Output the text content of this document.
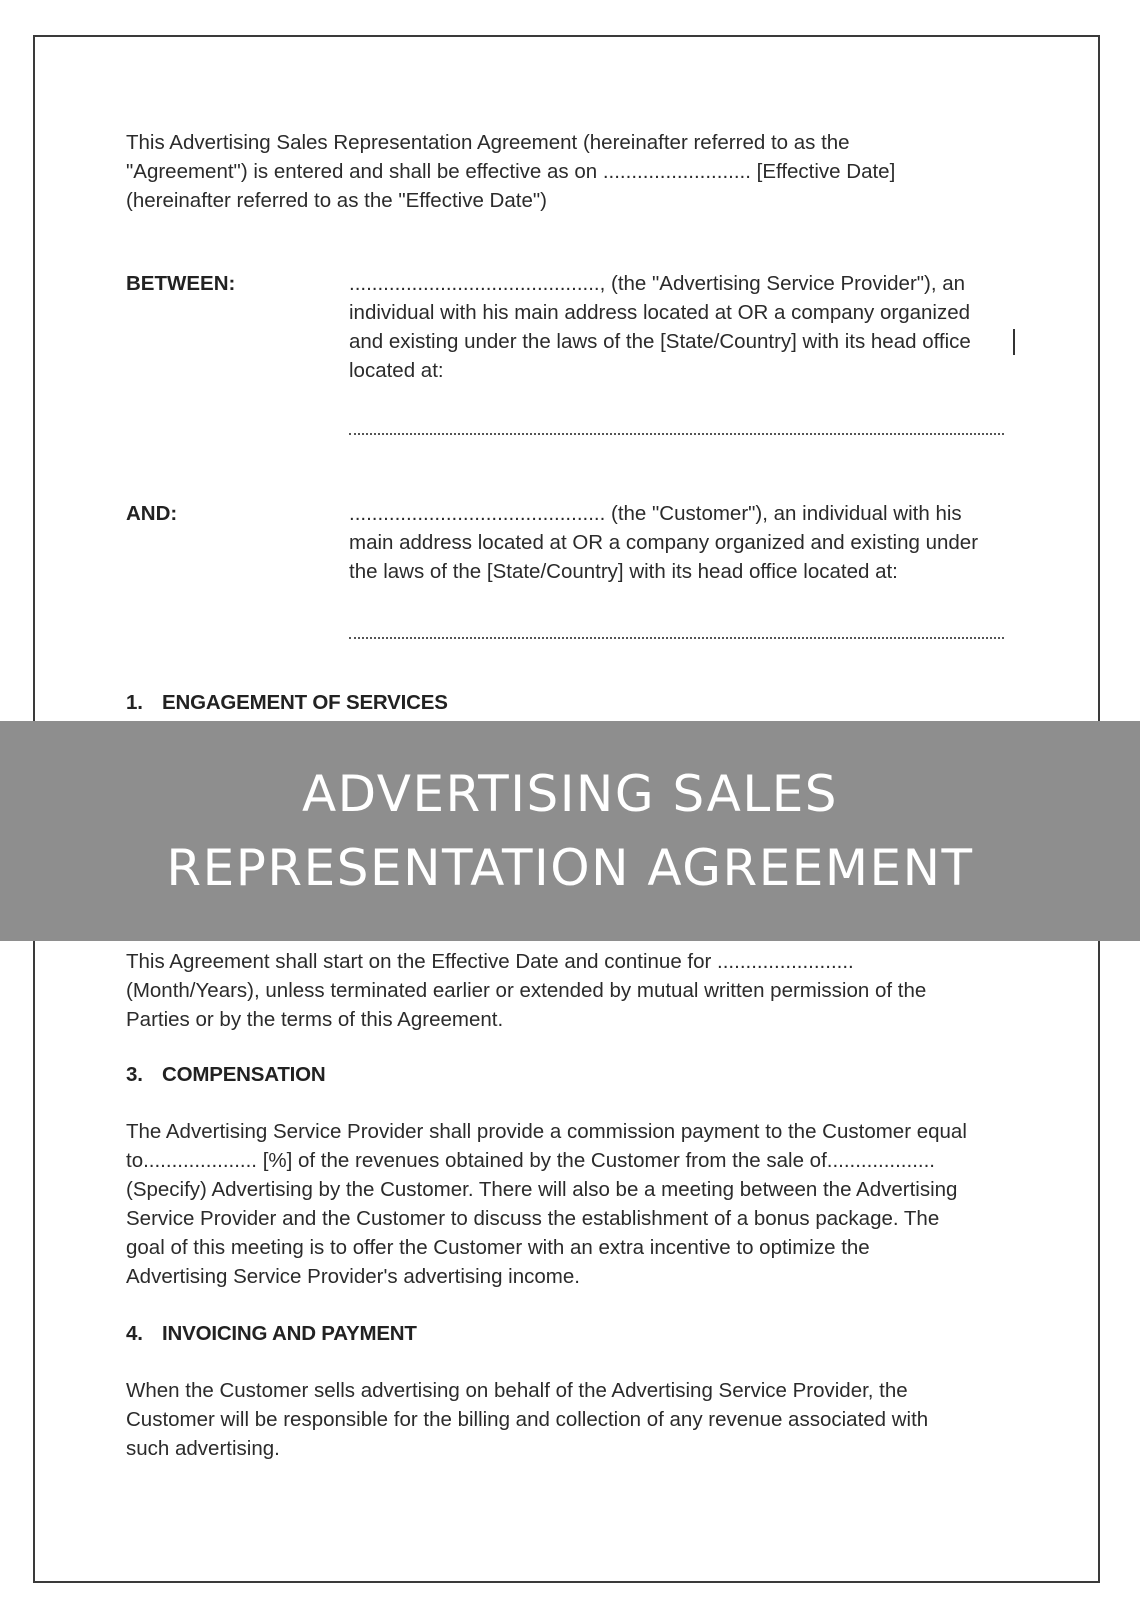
This Advertising Sales Representation Agreement (hereinafter referred to as the
"Agreement") is entered and shall be effective as on .......................... [Effective Date]
(hereinafter referred to as the "Effective Date")
BETWEEN:	............................................, (the "Advertising Service Provider"), an
individual with his main address located at OR a company organized
and existing under the laws of the [State/Country] with its head office
located at:
AND:	............................................. (the "Customer"), an individual with his
main address located at OR a company organized and existing under
the laws of the [State/Country] with its head office located at:
1. ENGAGEMENT OF SERVICES
ADVERTISING SALES
REPRESENTATION AGREEMENT
This Agreement shall start on the Effective Date and continue for ........................
(Month/Years), unless terminated earlier or extended by mutual written permission of the
Parties or by the terms of this Agreement.
3. COMPENSATION
The Advertising Service Provider shall provide a commission payment to the Customer equal
to.................... [%] of the revenues obtained by the Customer from the sale of...................
(Specify) Advertising by the Customer. There will also be a meeting between the Advertising
Service Provider and the Customer to discuss the establishment of a bonus package. The
goal of this meeting is to offer the Customer with an extra incentive to optimize the
Advertising Service Provider's advertising income.
4. INVOICING AND PAYMENT
When the Customer sells advertising on behalf of the Advertising Service Provider, the
Customer will be responsible for the billing and collection of any revenue associated with
such advertising.
